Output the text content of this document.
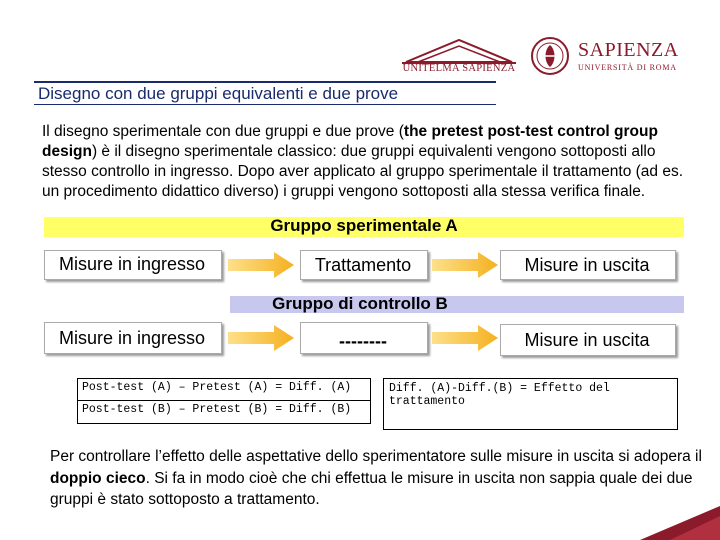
UNITELMA SAPIENZA
SAPIENZA
UNIVERSITÀ DI ROMA
Disegno con due gruppi equivalenti e due prove
Il disegno sperimentale con due gruppi e due prove (the pretest post-test control group design) è il disegno sperimentale classico: due gruppi equivalenti vengono sottoposti allo stesso controllo in ingresso. Dopo aver applicato al gruppo sperimentale il trattamento (ad es. un procedimento didattico diverso) i gruppi vengono sottoposti alla stessa verifica finale.
Gruppo sperimentale A
Misure in ingresso	Trattamento	Misure in uscita
Gruppo di controllo B
Misure in ingresso	--------	Misure in uscita
Post-test (A) – Pretest (A) = Diff. (A)
Post-test (B) – Pretest (B) = Diff. (B)
Diff. (A)-Diff.(B) = Effetto del trattamento
Per controllare l’effetto delle aspettative dello sperimentatore sulle misure in uscita si adopera il doppio cieco. Si fa in modo cioè che chi effettua le misure in uscita non sappia quale dei due gruppi è stato sottoposto a trattamento.
